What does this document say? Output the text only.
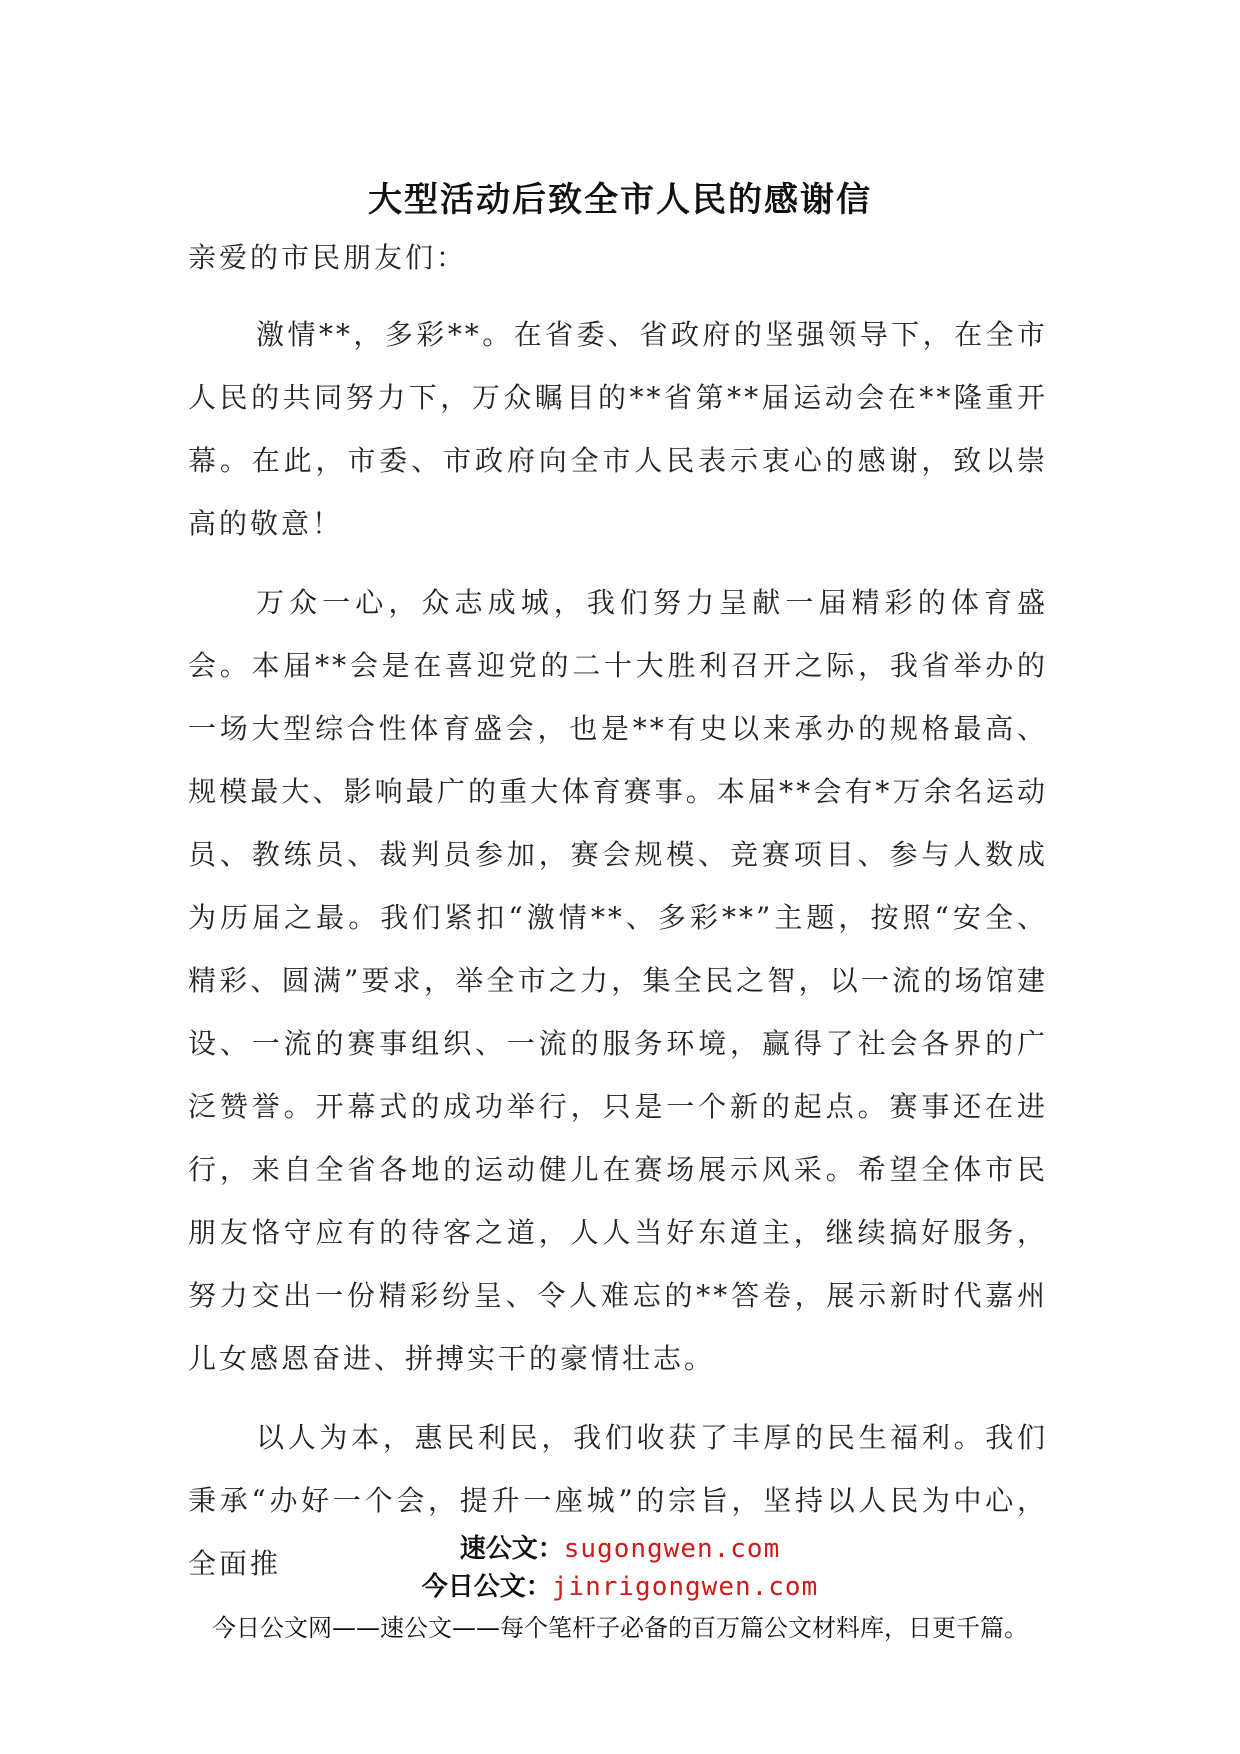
大型活动后致全市人民的感谢信

亲爱的市民朋友们：

激情**，多彩**。在省委、省政府的坚强领导下，在全市人民的共同努力下，万众瞩目的**省第**届运动会在**隆重开幕。在此，市委、市政府向全市人民表示衷心的感谢，致以崇高的敬意！

万众一心，众志成城，我们努力呈献一届精彩的体育盛会。本届**会是在喜迎党的二十大胜利召开之际，我省举办的一场大型综合性体育盛会，也是**有史以来承办的规格最高、规模最大、影响最广的重大体育赛事。本届**会有*万余名运动员、教练员、裁判员参加，赛会规模、竞赛项目、参与人数成为历届之最。我们紧扣“激情**、多彩**”主题，按照“安全、精彩、圆满”要求，举全市之力，集全民之智，以一流的场馆建设、一流的赛事组织、一流的服务环境，赢得了社会各界的广泛赞誉。开幕式的成功举行，只是一个新的起点。赛事还在进行，来自全省各地的运动健儿在赛场展示风采。希望全体市民朋友恪守应有的待客之道，人人当好东道主，继续搞好服务，努力交出一份精彩纷呈、令人难忘的**答卷，展示新时代嘉州儿女感恩奋进、拼搏实干的豪情壮志。

以人为本，惠民利民，我们收获了丰厚的民生福利。我们秉承“办好一个会，提升一座城”的宗旨，坚持以人民为中心，全面推	速公文：sugongwen.com
今日公文：jinrigongwen.com
今日公文网——速公文——每个笔杆子必备的百万篇公文材料库，日更千篇。
